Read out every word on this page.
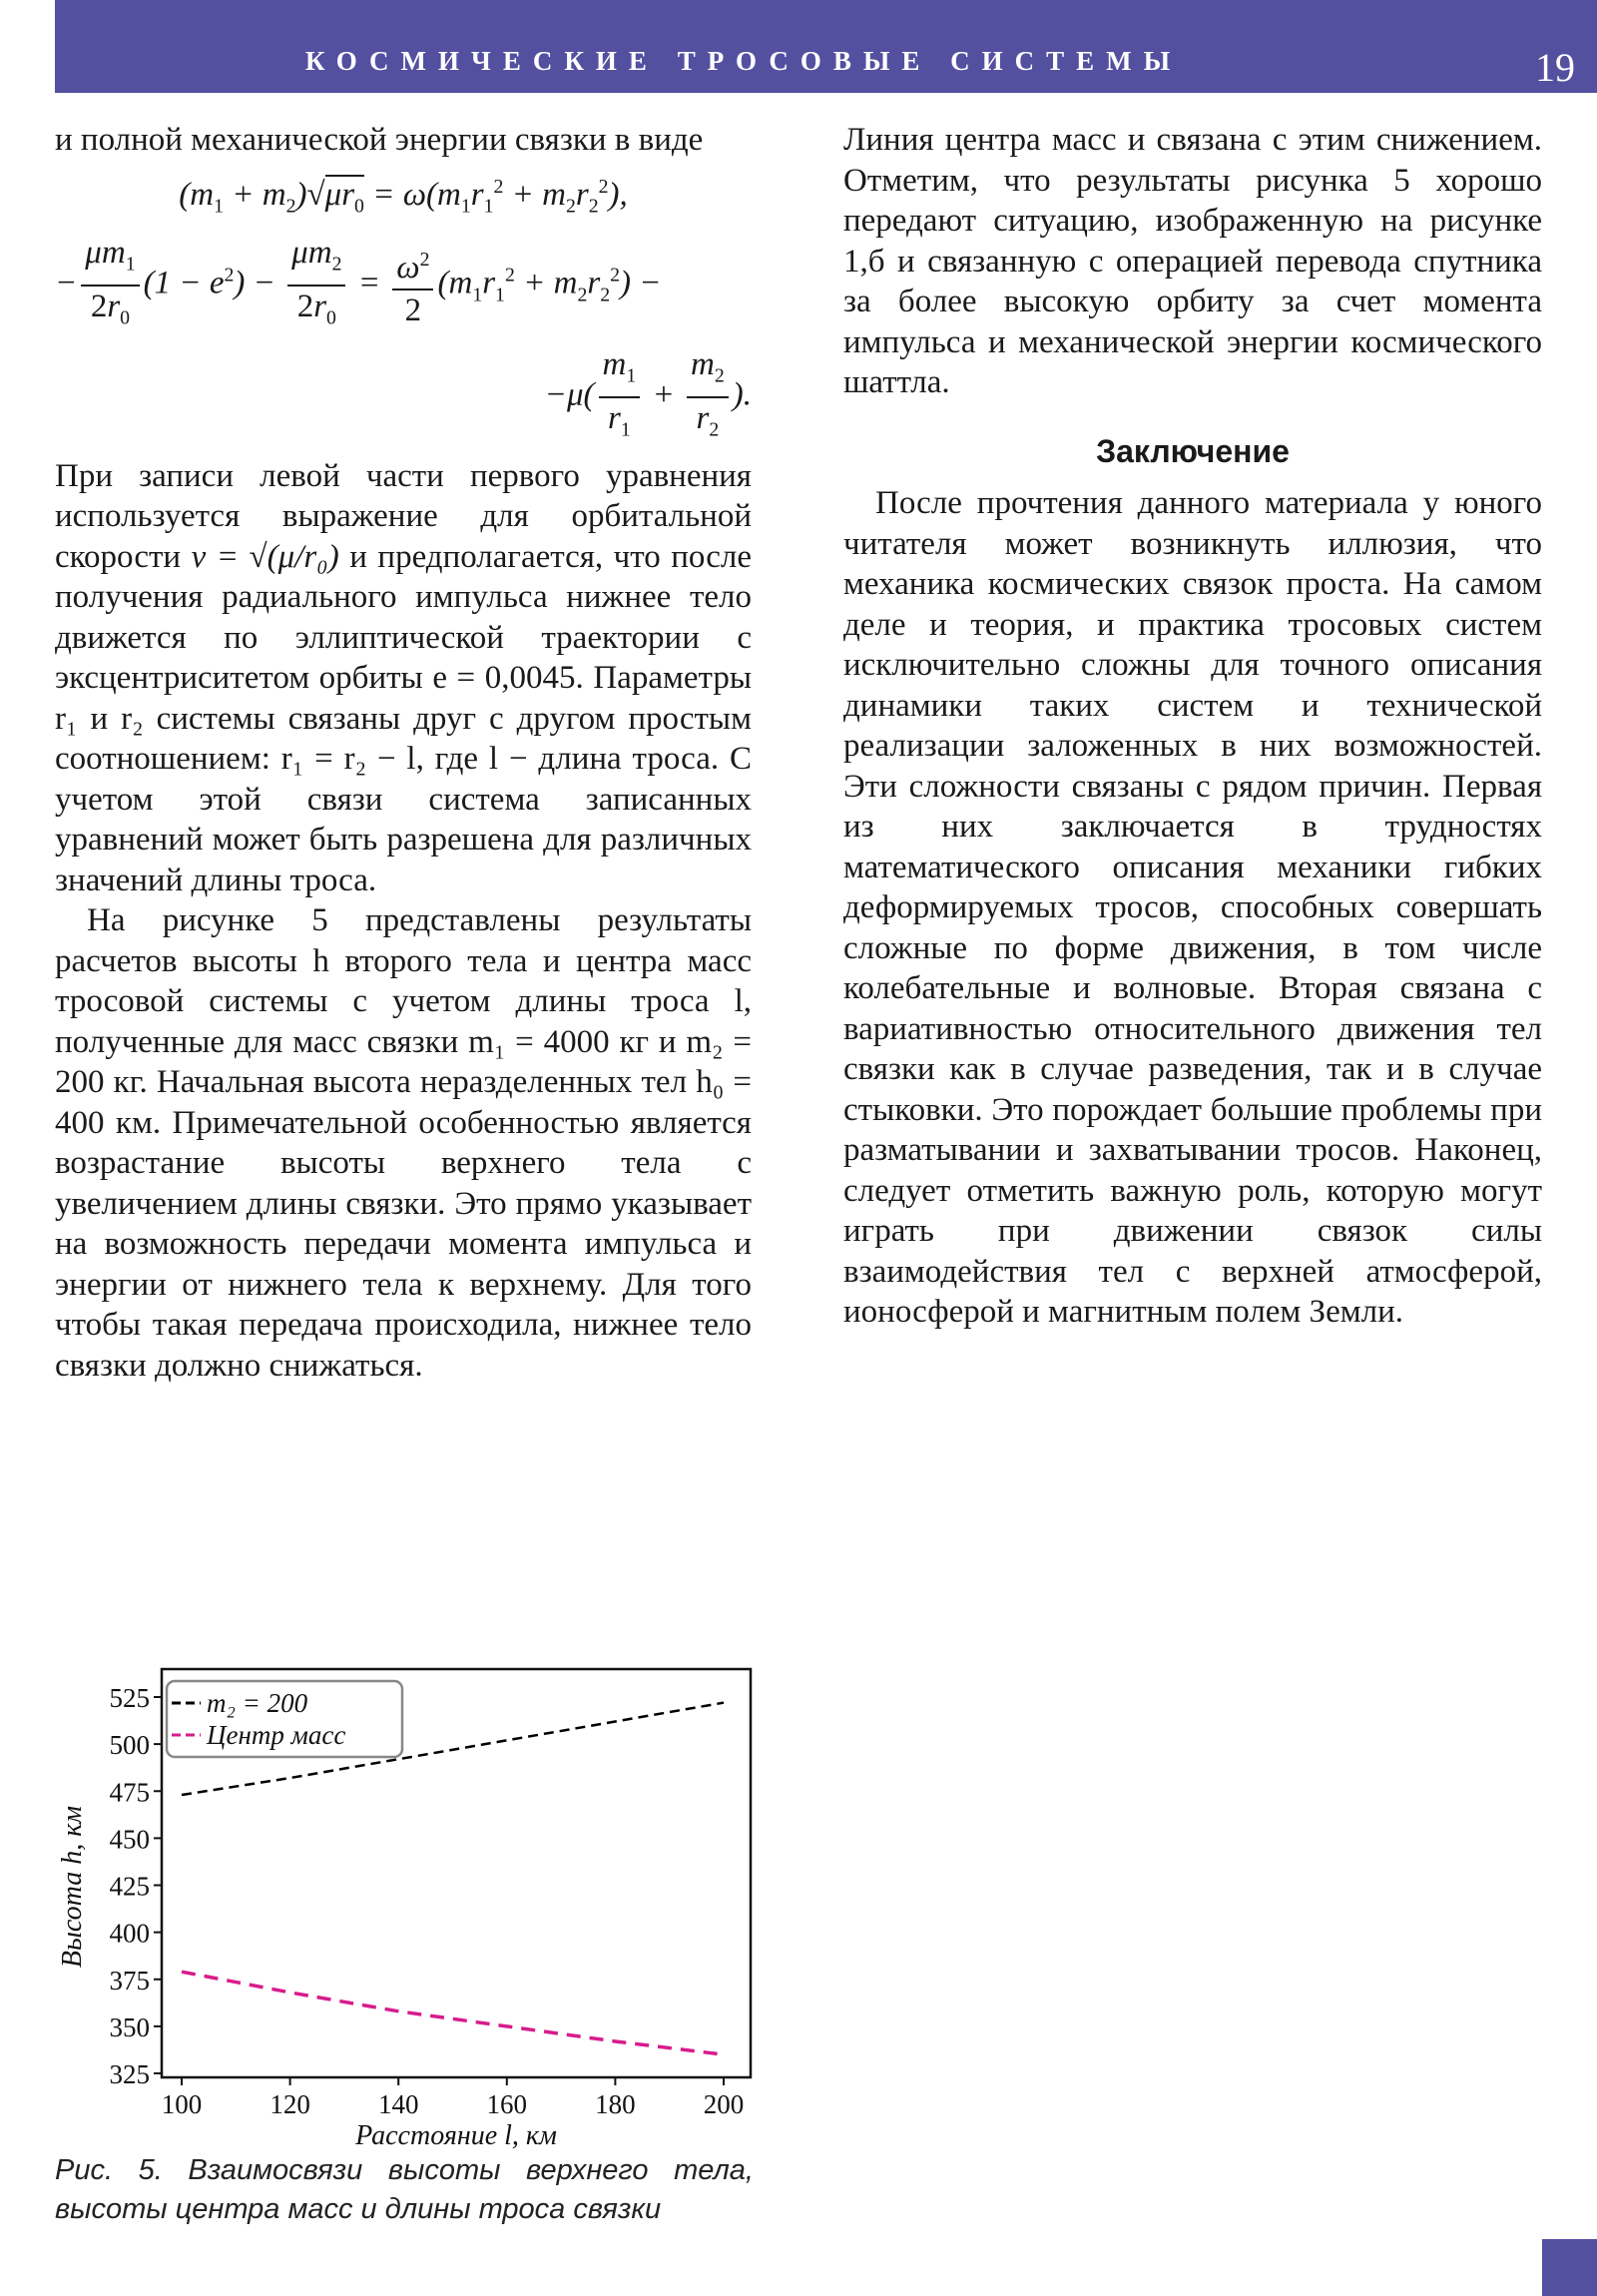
КОСМИЧЕСКИЕ ТРОСОВЫЕ СИСТЕМЫ	19

и полной механической энергии связки в виде

$(m_1 + m_2)√\mu r_0 = \omega(m_1r_1^2 + m_2r_2^2)$,
− $\frac{\mu m_1}{2r_0} (1 - e^2) - \frac{\mu m_2}{2r_0} = \frac{\omega^2}{2} (m_1r_1^2 + m_2r_2^2)$ −
$-\mu( \frac{m_1}{r_1} + \frac{m_2}{r_2}$ ).

При записи левой части первого уравнения используется выражение для орбитальной скорости v = √(μ/r₀) и предполагается, что после получения радиального импульса нижнее тело движется по эллиптической траектории с эксцентриситетом орбиты e = 0,0045. Параметры r₁ и r₂ системы связаны друг с другом простым соотношением: r₁ = r₂ − l, где l − длина троса. С учетом этой связи система записанных уравнений может быть разрешена для различных значений длины троса.

На рисунке 5 представлены результаты расчетов высоты h второго тела и центра масс тросовой системы с учетом длины троса l, полученные для масс связки m₁ = 4000 кг и m₂ = 200 кг. Начальная высота неразделенных тел h₀ = 400 км. Примечательной особенностью является возрастание высоты верхнего тела с увеличением длины связки. Это прямо указывает на возможность передачи момента импульса и энергии от нижнего тела к верхнему. Для того чтобы такая передача происходила, нижнее тело связки должно снижаться.

Линия центра масс и связана с этим снижением. Отметим, что результаты рисунка 5 хорошо передают ситуацию, изображенную на рисунке 1,б и связанную с операцией перевода спутника за более высокую орбиту за счет момента импульса и механической энергии космического шаттла.

Заключение

После прочтения данного материала у юного читателя может возникнуть иллюзия, что механика космических связок проста. На самом деле и теория, и практика тросовых систем исключительно сложны для точного описания динамики таких систем и технической реализации заложенных в них возможностей. Эти сложности связаны с рядом причин. Первая из них заключается в трудностях математического описания механики гибких деформируемых тросов, способных совершать сложные по форме движения, в том числе колебательные и волновые. Вторая связана с вариативностью относительного движения тел связки как в случае разведения, так и в случае стыковки. Это порождает большие проблемы при разматывании и захватывании тросов. Наконец, следует отметить важную роль, которую могут играть при движении связок силы взаимодействия тел с верхней атмосферой, ионосферой и магнитным полем Земли.

325
350
375
400
425
450
475
500
525
100	120	140	160	180	200
Расстояние l, км
Высота h, км
m₂ = 200
Центр масс
Рис. 5. Взаимосвязи высоты верхнего тела, высоты центра масс и длины троса связки
